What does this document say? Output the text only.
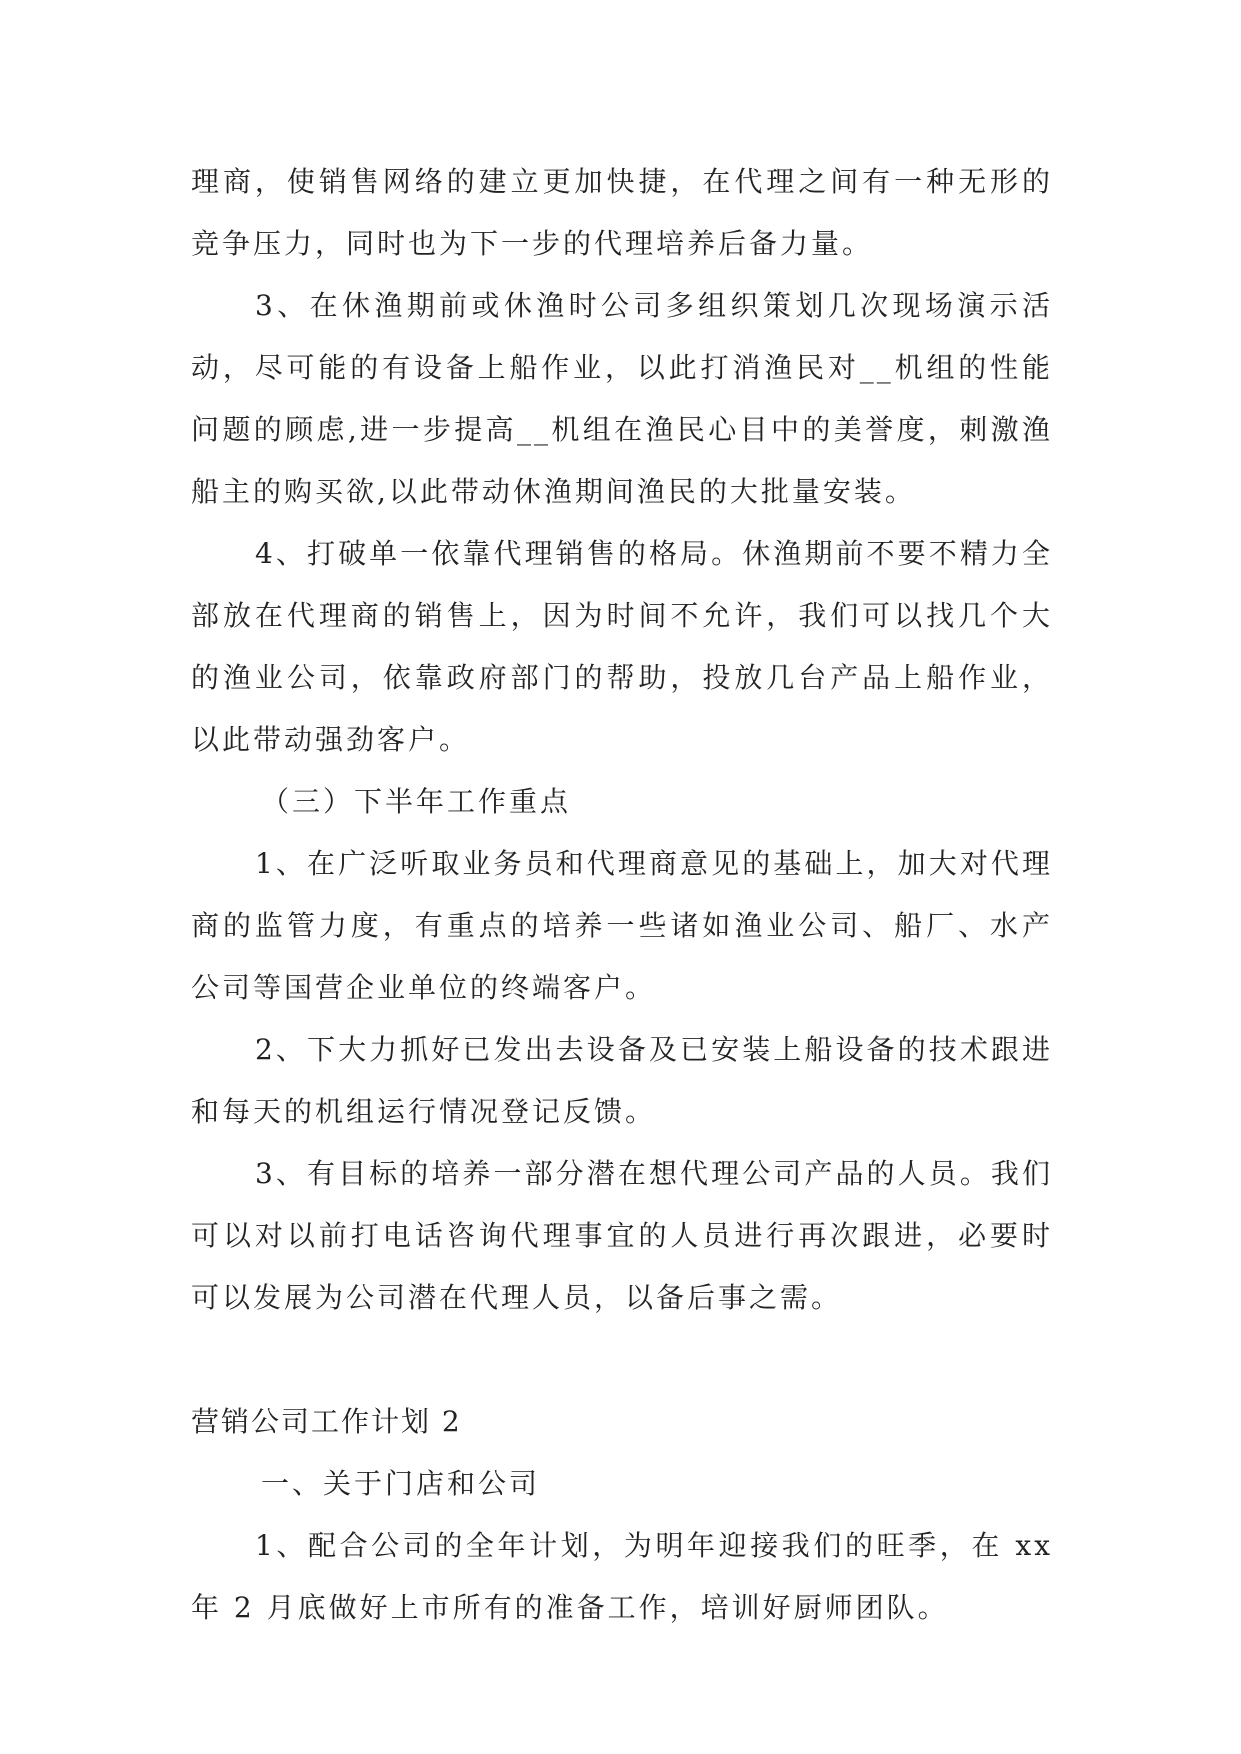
理商，使销售网络的建立更加快捷，在代理之间有一种无形的竞争压力，同时也为下一步的代理培养后备力量。

3、在休渔期前或休渔时公司多组织策划几次现场演示活动，尽可能的有设备上船作业，以此打消渔民对__机组的性能问题的顾虑,进一步提高__机组在渔民心目中的美誉度，刺激渔船主的购买欲,以此带动休渔期间渔民的大批量安装。

4、打破单一依靠代理销售的格局。休渔期前不要不精力全部放在代理商的销售上，因为时间不允许，我们可以找几个大的渔业公司，依靠政府部门的帮助，投放几台产品上船作业，以此带动强劲客户。

（三）下半年工作重点

1、在广泛听取业务员和代理商意见的基础上，加大对代理商的监管力度，有重点的培养一些诸如渔业公司、船厂、水产公司等国营企业单位的终端客户。

2、下大力抓好已发出去设备及已安装上船设备的技术跟进和每天的机组运行情况登记反馈。

3、有目标的培养一部分潜在想代理公司产品的人员。我们可以对以前打电话咨询代理事宜的人员进行再次跟进，必要时可以发展为公司潜在代理人员，以备后事之需。

营销公司工作计划 2

一、关于门店和公司

1、配合公司的全年计划，为明年迎接我们的旺季，在 xx 年 2 月底做好上市所有的准备工作，培训好厨师团队。
